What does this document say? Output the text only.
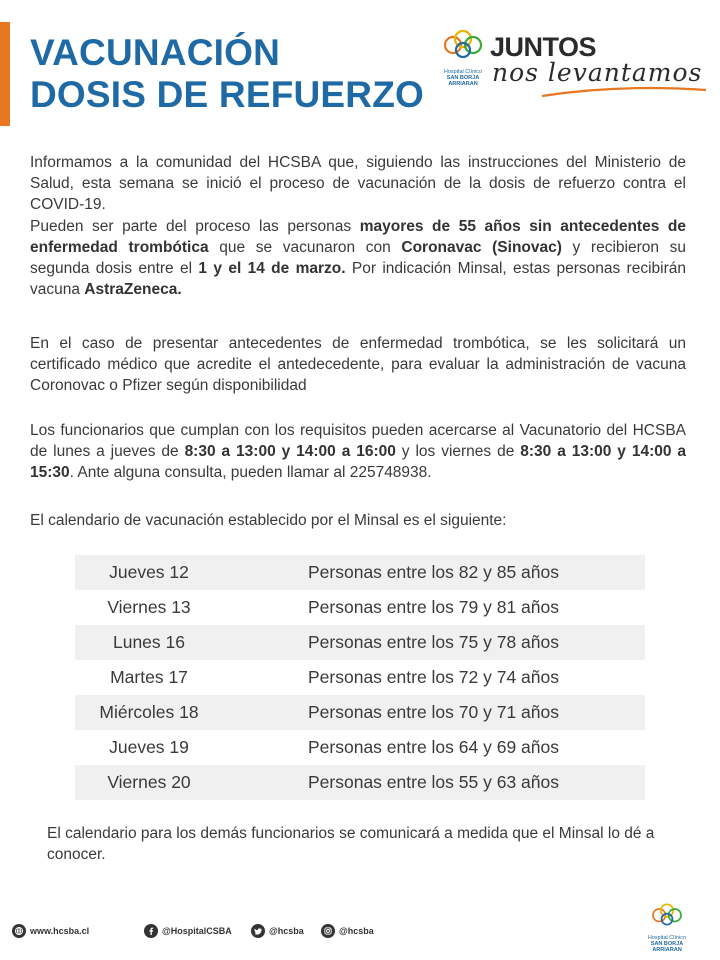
VACUNACIÓN
DOSIS DE REFUERZO
Hospital Clínico
SAN BORJA
ARRIARAN
JUNTOS
nos levantamos

Informamos a la comunidad del HCSBA que, siguiendo las instrucciones del Ministerio de Salud, esta semana se inició el proceso de vacunación de la dosis de refuerzo contra el COVID-19.

Pueden ser parte del proceso las personas mayores de 55 años sin antecedentes de enfermedad trombótica que se vacunaron con Coronavac (Sinovac) y recibieron su segunda dosis entre el 1 y el 14 de marzo. Por indicación Minsal, estas personas recibirán vacuna AstraZeneca.

En el caso de presentar antecedentes de enfermedad trombótica, se les solicitará un certificado médico que acredite el antedecedente, para evaluar la administración de vacuna Coronovac o Pfizer según disponibilidad

Los funcionarios que cumplan con los requisitos pueden acercarse al Vacunatorio del HCSBA de lunes a jueves de 8:30 a 13:00 y 14:00 a 16:00 y los viernes de 8:30 a 13:00 y 14:00 a 15:30. Ante alguna consulta, pueden llamar al 225748938.

El calendario de vacunación establecido por el Minsal es el siguiente:

Jueves 12	Personas entre los 82 y 85 años
Viernes 13	Personas entre los 79 y 81 años
Lunes 16	Personas entre los 75 y 78 años
Martes 17	Personas entre los 72 y 74 años
Miércoles 18	Personas entre los 70 y 71 años
Jueves 19	Personas entre los 64 y 69 años
Viernes 20	Personas entre los 55 y 63 años
El calendario para los demás funcionarios se comunicará a medida que el Minsal lo dé a conocer.
www.hcsba.cl	@HospitalCSBA	@hcsba	@hcsba
Hospital Clínico
SAN BORJA
ARRIARAN
